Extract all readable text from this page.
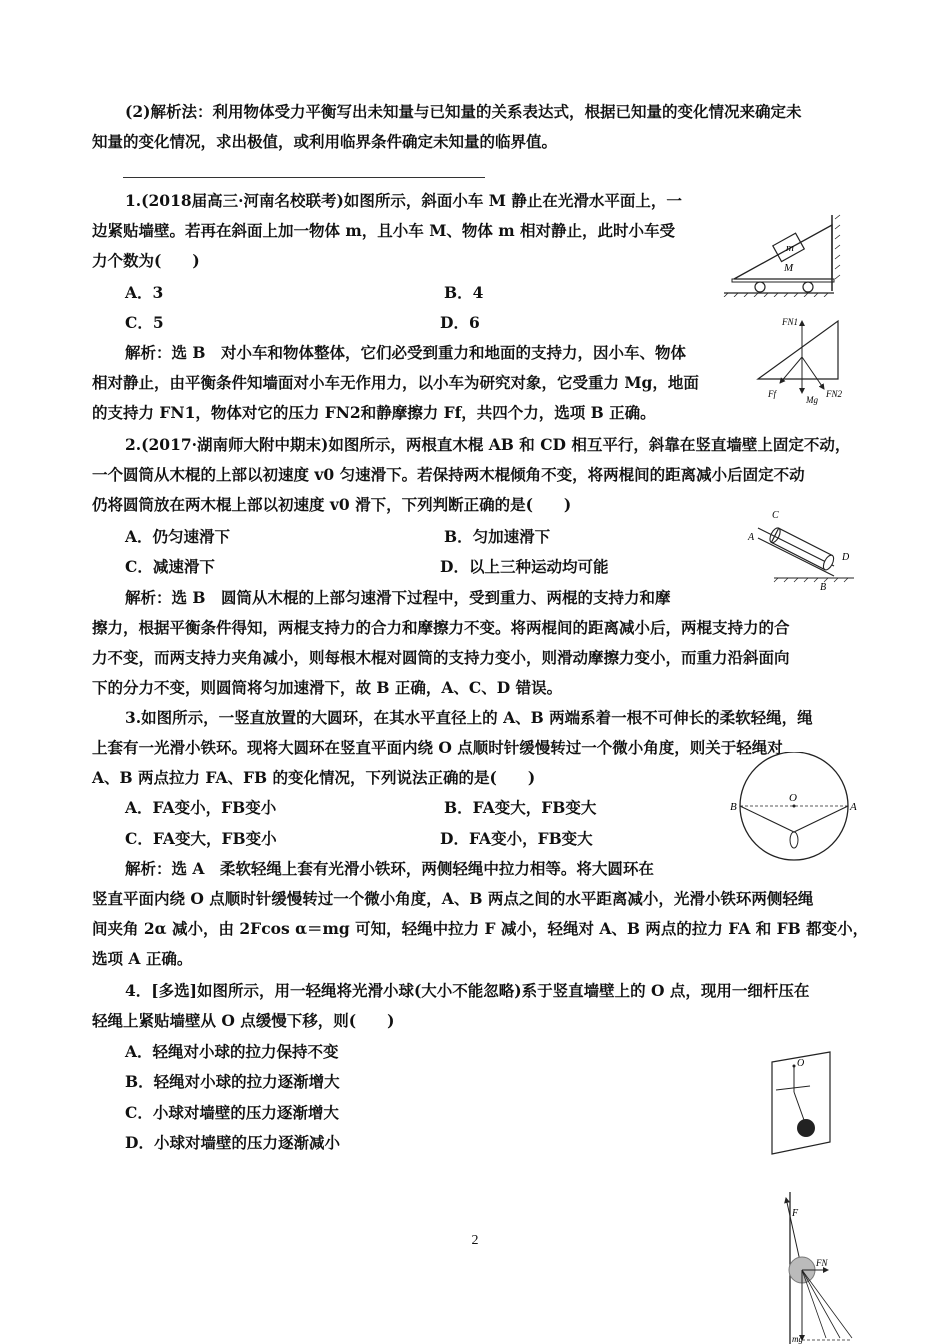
(2)解析法：利用物体受力平衡写出未知量与已知量的关系表达式，根据已知量的变化情况来确定未
知量的变化情况，求出极值，或利用临界条件确定未知量的临界值。
1.(2018届高三·河南名校联考)如图所示，斜面小车 M 静止在光滑水平面上，一
边紧贴墙壁。若再在斜面上加一物体 m，且小车 M、物体 m 相对静止，此时小车受
力个数为(　　)
A．3	B．4
C．5	D．6
解析：选 B　对小车和物体整体，它们必受到重力和地面的支持力，因小车、物体
相对静止，由平衡条件知墙面对小车无作用力，以小车为研究对象，它受重力 Mg，地面
的支持力 FN1，物体对它的压力 FN2和静摩擦力 Ff，共四个力，选项 B 正确。
m
M
FN1
Ff
Mg
FN2
2.(2017·湖南师大附中期末)如图所示，两根直木棍 AB 和 CD 相互平行，斜靠在竖直墙壁上固定不动，
一个圆筒从木棍的上部以初速度 v0 匀速滑下。若保持两木棍倾角不变，将两棍间的距离减小后固定不动
仍将圆筒放在两木棍上部以初速度 v0 滑下，下列判断正确的是(　　)
A．仍匀速滑下	B．匀加速滑下
C．减速滑下	D．以上三种运动均可能
解析：选 B　圆筒从木棍的上部匀速滑下过程中，受到重力、两棍的支持力和摩
擦力，根据平衡条件得知，两棍支持力的合力和摩擦力不变。将两棍间的距离减小后，两棍支持力的合
力不变，而两支持力夹角减小，则每根木棍对圆筒的支持力变小，则滑动摩擦力变小，而重力沿斜面向
下的分力不变，则圆筒将匀加速滑下，故 B 正确，A、C、D 错误。
C
A
D
B
3.如图所示，一竖直放置的大圆环，在其水平直径上的 A、B 两端系着一根不可伸长的柔软轻绳，绳
上套有一光滑小铁环。现将大圆环在竖直平面内绕 O 点顺时针缓慢转过一个微小角度，则关于轻绳对
A、B 两点拉力 FA、FB 的变化情况，下列说法正确的是(　　)
A．FA变小，FB变小	B．FA变大，FB变大
C．FA变大，FB变小	D．FA变小，FB变大
解析：选 A　柔软轻绳上套有光滑小铁环，两侧轻绳中拉力相等。将大圆环在
竖直平面内绕 O 点顺时针缓慢转过一个微小角度，A、B 两点之间的水平距离减小，光滑小铁环两侧轻绳
间夹角 2α 减小，由 2Fcos α＝mg 可知，轻绳中拉力 F 减小，轻绳对 A、B 两点的拉力 FA 和 FB 都变小，
选项 A 正确。
O
B	A
4．[多选]如图所示，用一轻绳将光滑小球(大小不能忽略)系于竖直墙壁上的 O 点，现用一细杆压在
轻绳上紧贴墙壁从 O 点缓慢下移，则(　　)
A．轻绳对小球的拉力保持不变
B．轻绳对小球的拉力逐渐增大
C．小球对墙壁的压力逐渐增大
D．小球对墙壁的压力逐渐减小
O
F
FN
mg
2
